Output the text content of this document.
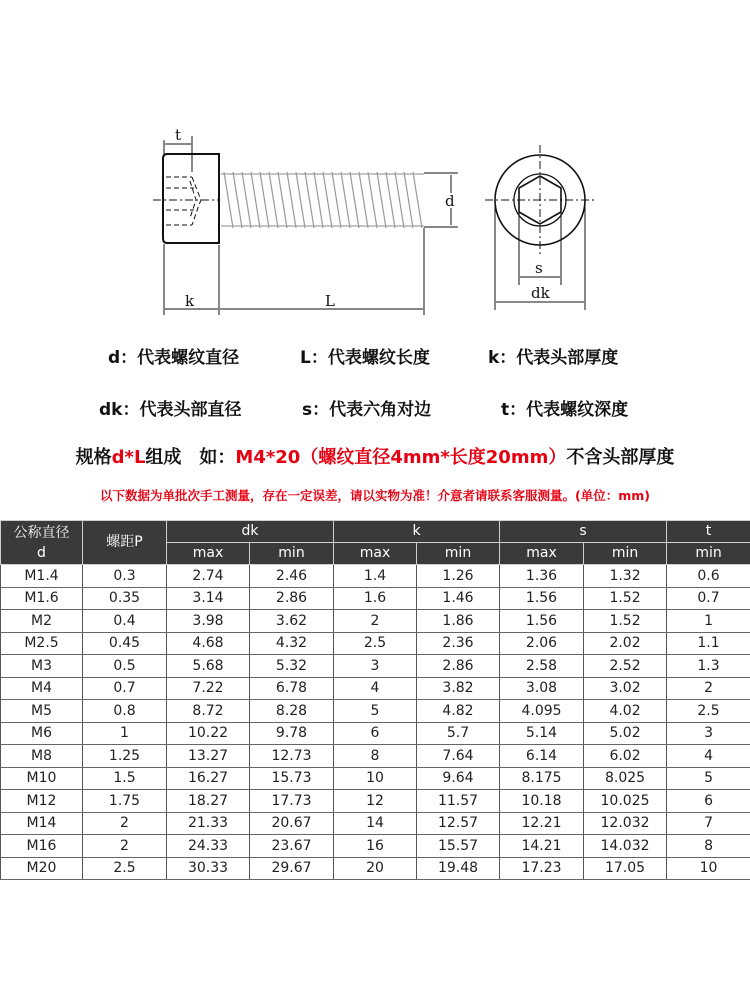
t
d
k	L
s
dk
d：代表螺纹直径	L：代表螺纹长度	k：代表头部厚度
dk：代表头部直径	s：代表六角对边	t：代表螺纹深度
规格d*L组成　如：M4*20（螺纹直径4mm*长度20mm）不含头部厚度
以下数据为单批次手工测量，存在一定误差，请以实物为准！介意者请联系客服测量。(单位：mm)
公称直径
d	螺距P	dk		k		s		t
		max	min	max	min	max	min	min
M1.4	0.3	2.74	2.46	1.4	1.26	1.36	1.32	0.6
M1.6	0.35	3.14	2.86	1.6	1.46	1.56	1.52	0.7
M2	0.4	3.98	3.62	2	1.86	1.56	1.52	1
M2.5	0.45	4.68	4.32	2.5	2.36	2.06	2.02	1.1
M3	0.5	5.68	5.32	3	2.86	2.58	2.52	1.3
M4	0.7	7.22	6.78	4	3.82	3.08	3.02	2
M5	0.8	8.72	8.28	5	4.82	4.095	4.02	2.5
M6	1	10.22	9.78	6	5.7	5.14	5.02	3
M8	1.25	13.27	12.73	8	7.64	6.14	6.02	4
M10	1.5	16.27	15.73	10	9.64	8.175	8.025	5
M12	1.75	18.27	17.73	12	11.57	10.18	10.025	6
M14	2	21.33	20.67	14	12.57	12.21	12.032	7
M16	2	24.33	23.67	16	15.57	14.21	14.032	8
M20	2.5	30.33	29.67	20	19.48	17.23	17.05	10
